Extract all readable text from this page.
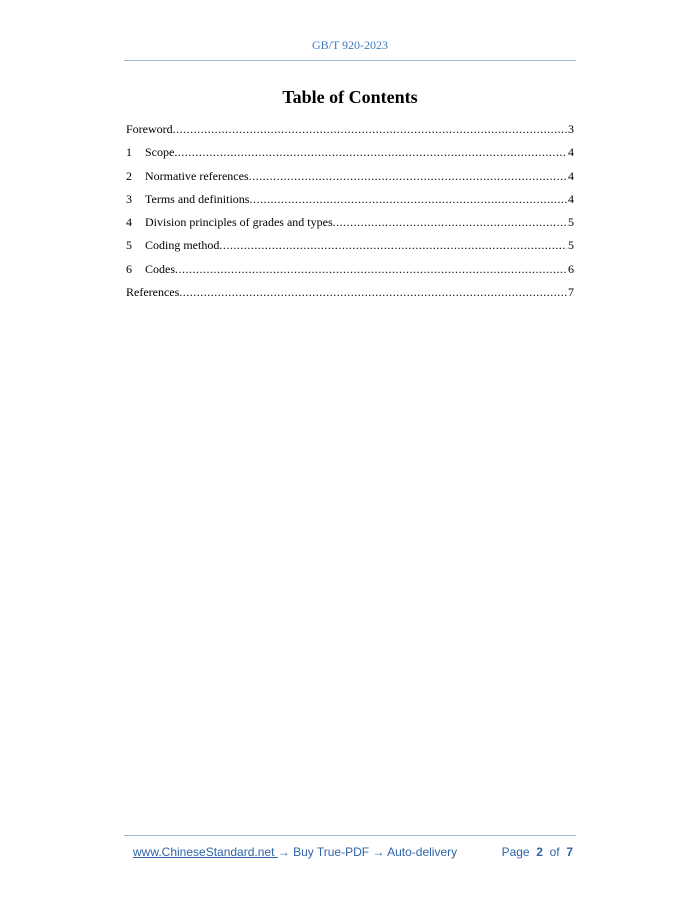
GB/T 920-2023
Table of Contents
Foreword .....	3
1	Scope .....	4
2	Normative references .....	4
3	Terms and definitions .....	4
4	Division principles of grades and types .....	5
5	Coding method .....	5
6	Codes .....	6
References .....	7
www.ChineseStandard.net → Buy True-PDF → Auto-delivery	Page 2 of 7
